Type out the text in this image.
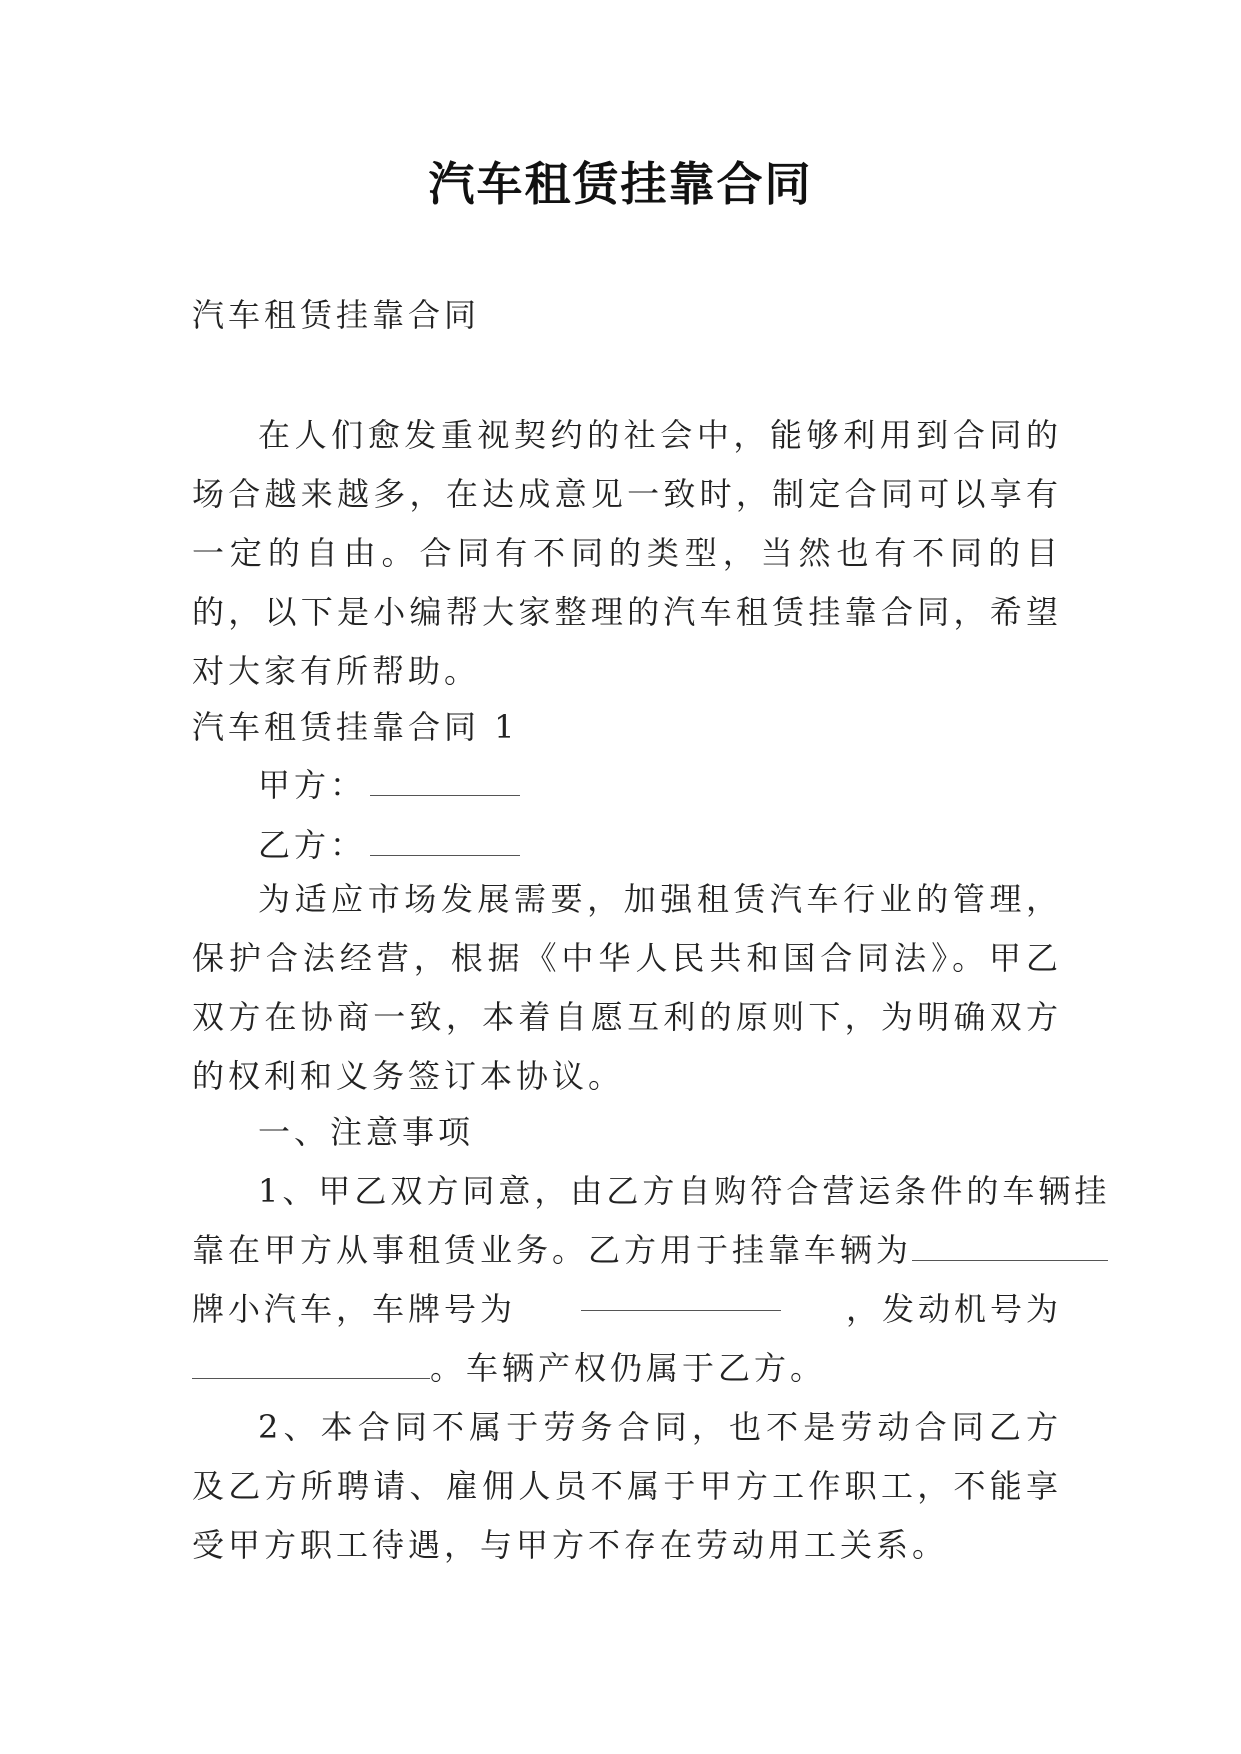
汽车租赁挂靠合同
汽车租赁挂靠合同
在人们愈发重视契约的社会中，能够利用到合同的场合越来越多，在达成意见一致时，制定合同可以享有一定的自由。合同有不同的类型，当然也有不同的目的，以下是小编帮大家整理的汽车租赁挂靠合同，希望对大家有所帮助。
汽车租赁挂靠合同 1
甲方：
乙方：
为适应市场发展需要，加强租赁汽车行业的管理，保护合法经营，根据《中华人民共和国合同法》。甲乙双方在协商一致，本着自愿互利的原则下，为明确双方的权利和义务签订本协议。
一、注意事项
1、甲乙双方同意，由乙方自购符合营运条件的车辆挂
靠在甲方从事租赁业务。乙方用于挂靠车辆为
牌小汽车，车牌号为	，发动机号为
。车辆产权仍属于乙方。
2、本合同不属于劳务合同，也不是劳动合同乙方及乙方所聘请、雇佣人员不属于甲方工作职工，不能享受甲方职工待遇，与甲方不存在劳动用工关系。
